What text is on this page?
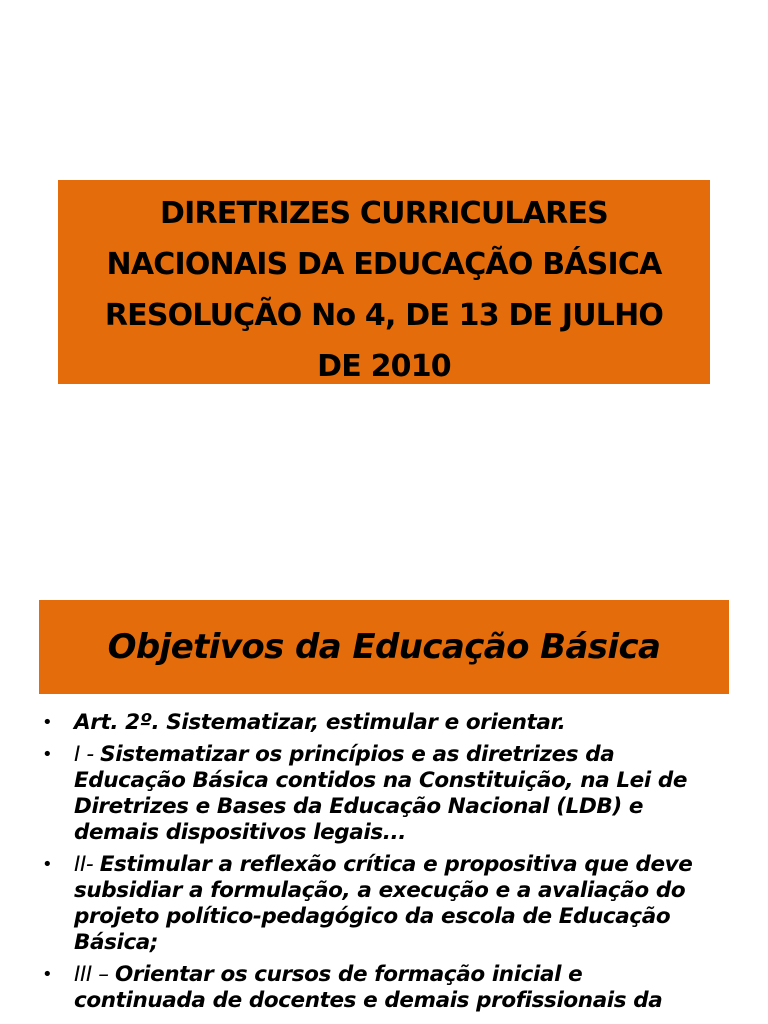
DIRETRIZES CURRICULARES
NACIONAIS DA EDUCAÇÃO BÁSICA
RESOLUÇÃO No 4, DE 13 DE JULHO
DE 2010
Objetivos da Educação Básica
• Art. 2º. Sistematizar, estimular e orientar.
• I - Sistematizar os princípios e as diretrizes da
Educação Básica contidos na Constituição, na Lei de
Diretrizes e Bases da Educação Nacional (LDB) e
demais dispositivos legais...
• II- Estimular a reflexão crítica e propositiva que deve
subsidiar a formulação, a execução e a avaliação do
projeto político-pedagógico da escola de Educação
Básica;
• III – Orientar os cursos de formação inicial e
continuada de docentes e demais profissionais da
